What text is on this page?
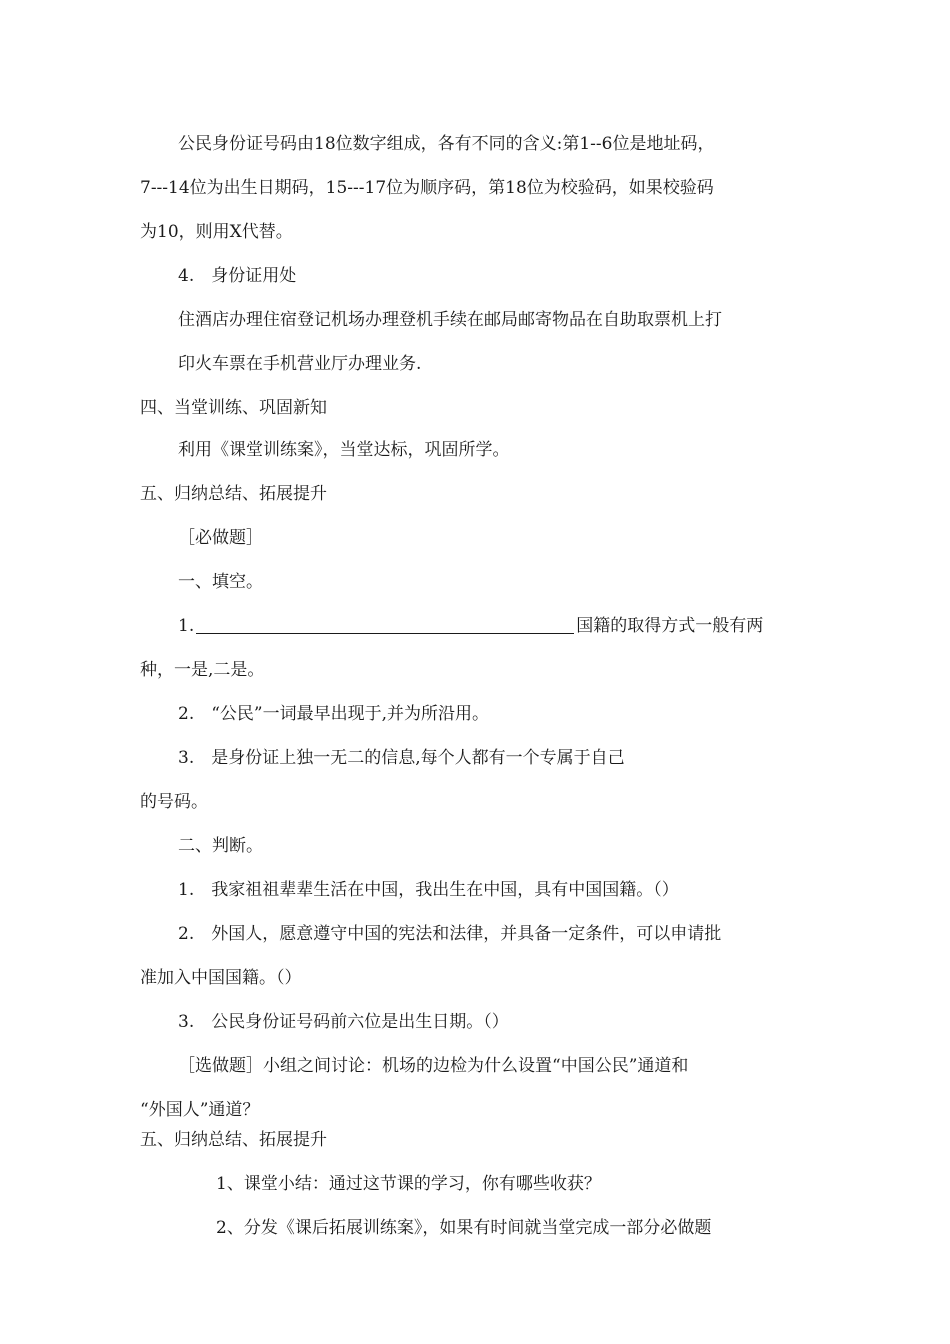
公民身份证号码由18位数字组成，各有不同的含义:第1--6位是地址码，
7---14位为出生日期码，15---17位为顺序码，第18位为校验码，如果校验码
为10，则用X代替。
4.　身份证用处
住酒店办理住宿登记机场办理登机手续在邮局邮寄物品在自助取票机上打
印火车票在手机营业厅办理业务.
四、当堂训练、巩固新知
利用《课堂训练案》，当堂达标，巩固所学。
五、归纳总结、拓展提升
［必做题］
一、填空。
1.	国籍的取得方式一般有两
种，一是,二是。
2.　“公民”一词最早出现于,并为所沿用。
3.　是身份证上独一无二的信息,每个人都有一个专属于自己
的号码。
二、判断。
1.　我家祖祖辈辈生活在中国，我出生在中国，具有中国国籍。（）
2.　外国人，愿意遵守中国的宪法和法律，并具备一定条件，可以申请批
准加入中国国籍。（）
3.　公民身份证号码前六位是出生日期。（）
［选做题］小组之间讨论：机场的边检为什么设置“中国公民”通道和
“外国人”通道？
五、归纳总结、拓展提升
1、课堂小结：通过这节课的学习，你有哪些收获？
2、分发《课后拓展训练案》，如果有时间就当堂完成一部分必做题
